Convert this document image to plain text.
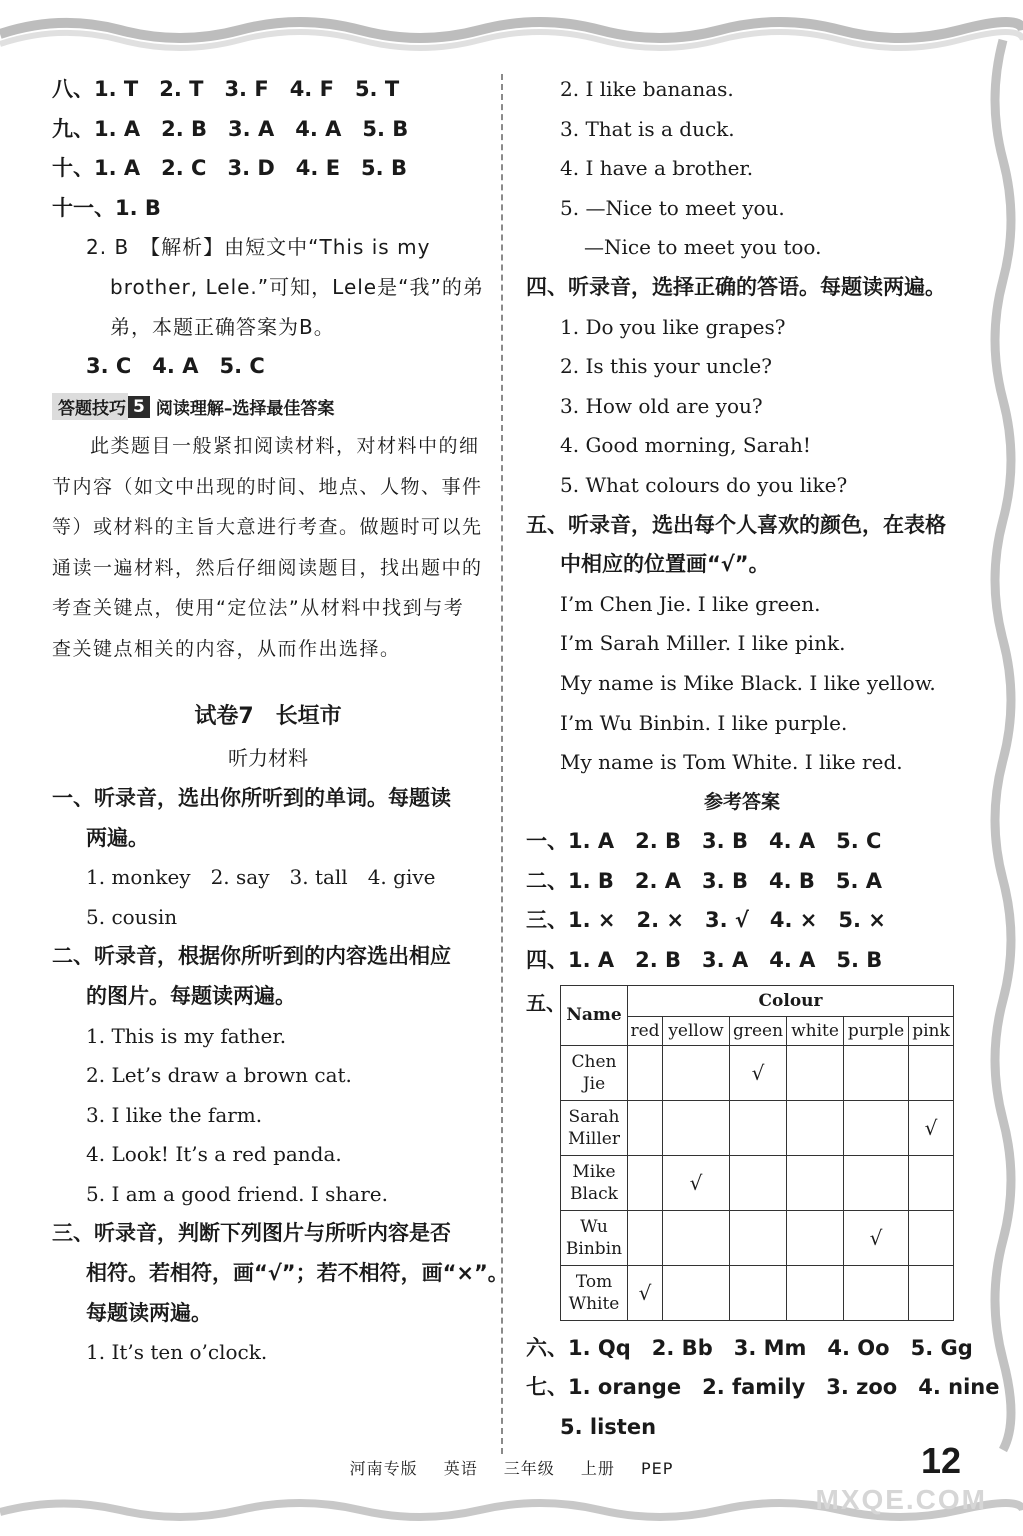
八、1. T　2. T　3. F　4. F　5. T
九、1. A　2. B　3. A　4. A　5. B
十、1. A　2. C　3. D　4. E　5. B
十一、1. B
2. B　【解析】由短文中“This is my
brother, Lele.”可知，Lele是“我”的弟
弟，本题正确答案为B。
3. C　4. A　5. C
答题技巧 5 阅读理解–选择最佳答案
此类题目一般紧扣阅读材料，对材料中的细节内容（如文中出现的时间、地点、人物、事件等）或材料的主旨大意进行考查。做题时可以先通读一遍材料，然后仔细阅读题目，找出题中的考查关键点，使用“定位法”从材料中找到与考查关键点相关的内容，从而作出选择。
试卷7　长垣市
听力材料
一、听录音，选出你所听到的单词。每题读
两遍。
1. monkey　2. say　3. tall　4. give
5. cousin
二、听录音，根据你所听到的内容选出相应
的图片。每题读两遍。
1. This is my father.
2. Let’s draw a brown cat.
3. I like the farm.
4. Look! It’s a red panda.
5. I am a good friend. I share.
三、听录音，判断下列图片与所听内容是否
相符。若相符，画“√”；若不相符，画“×”。
每题读两遍。
1. It’s ten o’clock.
2. I like bananas.
3. That is a duck.
4. I have a brother.
5. —Nice to meet you.
—Nice to meet you too.
四、听录音，选择正确的答语。每题读两遍。
1. Do you like grapes?
2. Is this your uncle?
3. How old are you?
4. Good morning, Sarah!
5. What colours do you like?
五、听录音，选出每个人喜欢的颜色，在表格
中相应的位置画“√”。
I’m Chen Jie. I like green.
I’m Sarah Miller. I like pink.
My name is Mike Black. I like yellow.
I’m Wu Binbin. I like purple.
My name is Tom White. I like red.
参考答案
一、1. A　2. B　3. B　4. A　5. C
二、1. B　2. A　3. B　4. B　5. A
三、1. ×　2. ×　3. √　4. ×　5. ×
四、1. A　2. B　3. A　4. A　5. B
五、
Name	Colour					
	red	yellow	green	white	purple	pink
Chen Jie			√			
Sarah Miller						√
Mike Black		√				
Wu Binbin					√	
Tom White	√					
六、1. Qq　2. Bb　3. Mm　4. Oo　5. Gg
七、1. orange　2. family　3. zoo　4. nine
5. listen
河南专版 英语 三年级 上册 PEP	12
MXQE.COM
